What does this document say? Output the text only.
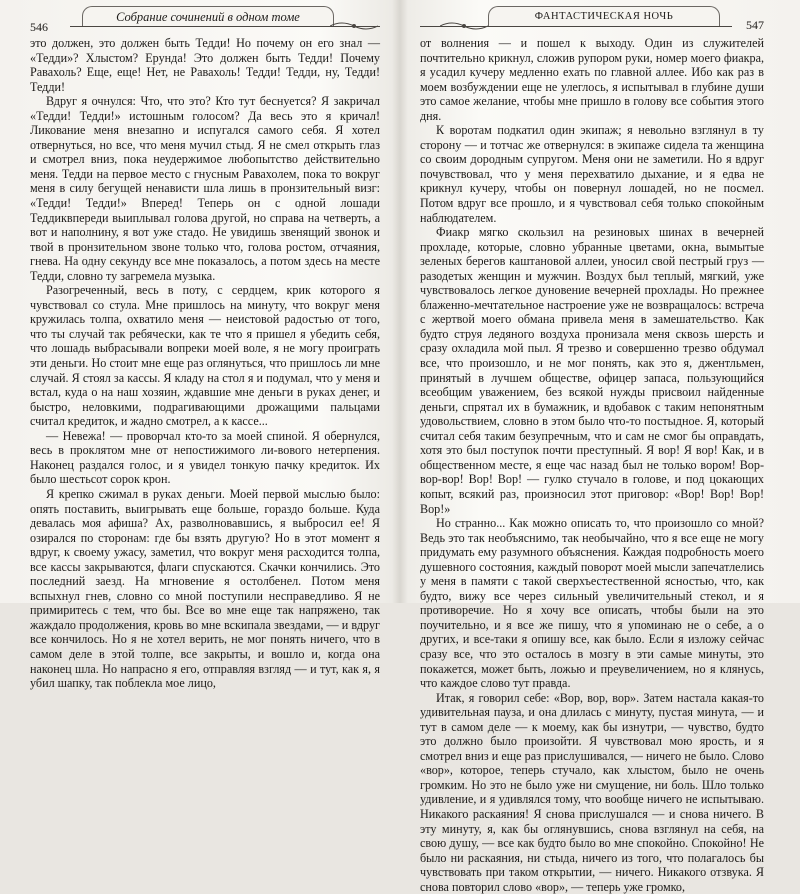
546
Собрание сочинений в одном томе

это должен, это должен быть Тедди! Но почему он его знал — «Тедди»? Хлыстом? Ерунда! Это должен быть Тедди! Почему Равахоль? Еще, еще! Нет, не Равахоль! Тедди! Тедди, ну, Тедди! Тедди!

Вдруг я очнулся: Что, что это? Кто тут беснуется? Я закричал «Тедди! Тедди!» истошным голосом? Да весь это я кричал! Ликование меня внезапно и испугался самого себя. Я хотел отвернуться, но все, что меня мучил стыд. Я не смел открыть глаз и смотрел вниз, пока неудержимое любопытство действительно меня. Тедди на первое место с гнусным Равахолем, пока то вокруг меня в силу бегущей ненависти шла лишь в пронзительный визг: «Тедди! Тедди!» Вперед! Теперь он с одной лошади Теддиквпереди выиплывал голова другой, но справа на четверть, а вот и наполнину, я вот уже стадо. Не увидишь звенящий звонок и твой в пронзительном звоне только что, голова ростом, отчаяния, гнева. На одну секунду все мне показалось, а потом здесь на месте Тедди, словно ту загремела музыка.

Разогреченный, весь в поту, с сердцем, крик которого я чувствовал со стула. Мне пришлось на минуту, что вокруг меня кружилась толпа, охватило меня — неистовой радостью от того, что ты случай так ребячески, как те что я пришел я убедить себя, что лошадь выбрасывали вопреки моей воле, я не могу проиграть эти деньги. Но стоит мне еще раз оглянуться, что пришлось ли мне случай. Я стоял за кассы. Я кладу на стол я и подумал, что у меня и встал, куда о на наш хозяин, ждавшие мне деньги в руках денег, и быстро, неловкими, подрагивающими дрожащими пальцами считал кредиток, и жадно смотрел, а к кассе...

— Невежа! — проворчал кто-то за моей спиной. Я обернулся, весь в проклятом мне от непостижимого ли-вового нетерпения. Наконец раздался голос, и я увидел тонкую пачку кредиток. Их было шестьсот сорок крон.

Я крепко сжимал в руках деньги. Моей первой мыслью было: опять поставить, выигрывать еще больше, гораздо больше. Куда девалась моя афиша? Ах, разволновавшись, я выбросил ее! Я озирался по сторонам: где бы взять другую? Но в этот момент я вдруг, к своему ужасу, заметил, что вокруг меня расходится толпа, все кассы закрываются, флаги спускаются. Скачки кончились. Это последний заезд. На мгновение я остолбенел. Потом меня вспыхнул гнев, словно со мной поступили несправедливо. Я не примиритесь с тем, что бы. Все во мне еще так напряжено, так жаждало продолжения, кровь во мне вскипала звездами, — и вдруг все кончилось. Но я не хотел верить, не мог понять ничего, что в самом деле в этой толпе, все закрыты, и вошло и, когда она наконец шла. Но напрасно я его, отправляя взгляд — и тут, как я, я убил шапку, так поблекла мое лицо,

ФАНТАСТИЧЕСКАЯ НОЧЬ
547

от волнения — и пошел к выходу. Один из служителей почтительно крикнул, сложив рупором руки, номер моего фиакра, я усадил кучеру медленно ехать по главной аллее. Ибо как раз в моем возбуждении еще не улеглось, я испытывал в глубине души это самое желание, чтобы мне пришло в голову все события этого дня.

К воротам подкатил один экипаж; я невольно взглянул в ту сторону — и тотчас же отвернулся: в экипаже сидела та женщина со своим дородным супругом. Меня они не заметили. Но я вдруг почувствовал, что у меня перехватило дыхание, и я едва не крикнул кучеру, чтобы он повернул лошадей, но не посмел. Потом вдруг все прошло, и я чувствовал себя только спокойным наблюдателем.

Фиакр мягко скользил на резиновых шинах в вечерней прохладе, которые, словно убранные цветами, окна, вымытые зеленых берегов каштановой аллеи, уносил свой пестрый груз — разодетых женщин и мужчин. Воздух был теплый, мягкий, уже чувствовалось легкое дуновение вечерней прохлады. Но прежнее блаженно-мечтательное настроение уже не возвращалось: встреча с жертвой моего обмана привела меня в замешательство. Как будто струя ледяного воздуха пронизала меня сквозь шерсть и сразу охладила мой пыл. Я трезво и совершенно трезво обдумал все, что произошло, и не мог понять, как это я, джентльмен, принятый в лучшем обществе, офицер запаса, пользующийся всеобщим уважением, без всякой нужды присвоил найденные деньги, спрятал их в бумажник, и вдобавок с таким непонятным удовольствием, словно в этом было что-то постыдное. Я, который считал себя таким безупречным, что и сам не смог бы оправдать, хотя это был поступок почти преступный. Я вор! Я вор! Как, и в общественном месте, я еще час назад был не только вором! Вор-вор-вор! Вор! Вор! — гулко стучало в голове, и под цокающих копыт, всякий раз, произносил этот приговор: «Вор! Вор! Вор! Вор!»

Но странно... Как можно описать то, что произошло со мной? Ведь это так необъяснимо, так необычайно, что я все еще не могу придумать ему разумного объяснения. Каждая подробность моего душевного состояния, каждый поворот моей мысли запечатлелись у меня в памяти с такой сверхъестественной ясностью, что, как будто, вижу все через сильный увеличительный стекол, и я противоречие. Но я хочу все описать, чтобы были на это поучительно, и я все же пишу, что я упоминаю не о себе, а о других, и все-таки я опишу все, как было. Если я изложу сейчас сразу все, что это осталось в мозгу в эти самые минуты, это покажется, может быть, ложью и преувеличением, но я клянусь, что каждое слово тут правда.

Итак, я говорил себе: «Вор, вор, вор». Затем настала какая-то удивительная пауза, и она длилась с минуту, пустая минута, — и тут в самом деле — к моему, как бы изнутри, — чувство, будто это должно было произойти. Я чувствовал мою ярость, и я смотрел вниз и еще раз прислушивался, — ничего не было. Слово «вор», которое, теперь стучало, как хлыстом, было не очень громким. Но это не было уже ни смущение, ни боль. Шло только удивление, и я удивлялся тому, что вообще ничего не испытываю. Никакого раскаяния! Я снова прислушался — и снова ничего. В эту минуту, я, как бы оглянувшись, снова взглянул на себя, на свою душу, — все как будто было во мне спокойно. Спокойно! Не было ни раскаяния, ни стыда, ничего из того, что полагалось бы чувствовать при таком открытии, — ничего. Никакого отзвука. Я снова повторил слово «вор», — теперь уже громко,
